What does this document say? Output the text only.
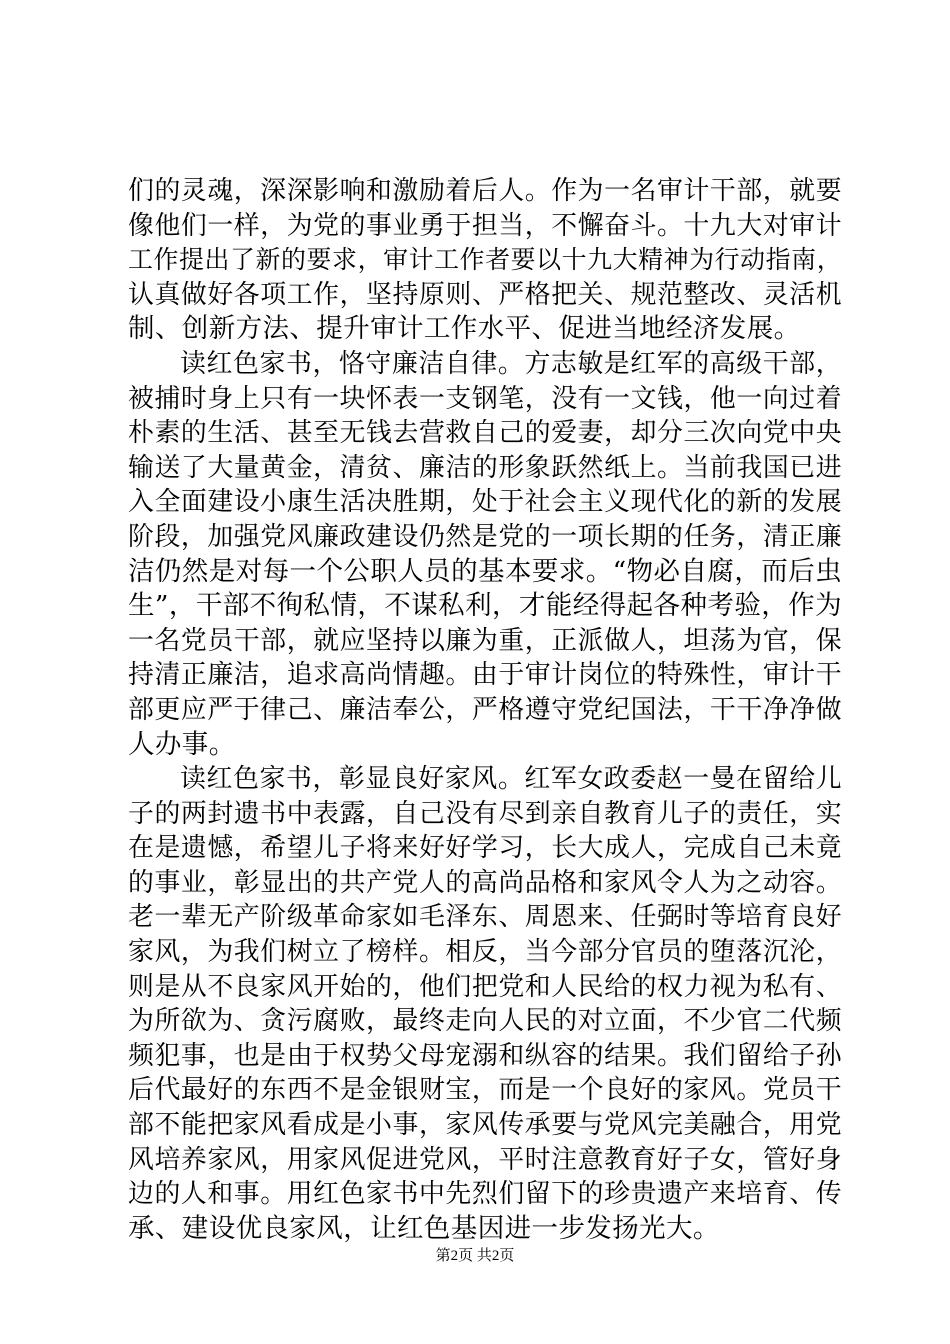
们的灵魂，深深影响和激励着后人。作为一名审计干部，就要
像他们一样，为党的事业勇于担当，不懈奋斗。十九大对审计
工作提出了新的要求，审计工作者要以十九大精神为行动指南，
认真做好各项工作，坚持原则、严格把关、规范整改、灵活机
制、创新方法、提升审计工作水平、促进当地经济发展。
读红色家书，恪守廉洁自律。方志敏是红军的高级干部，
被捕时身上只有一块怀表一支钢笔，没有一文钱，他一向过着
朴素的生活、甚至无钱去营救自己的爱妻，却分三次向党中央
输送了大量黄金，清贫、廉洁的形象跃然纸上。当前我国已进
入全面建设小康生活决胜期，处于社会主义现代化的新的发展
阶段，加强党风廉政建设仍然是党的一项长期的任务，清正廉
洁仍然是对每一个公职人员的基本要求。“物必自腐，而后虫
生”，干部不徇私情，不谋私利，才能经得起各种考验，作为
一名党员干部，就应坚持以廉为重，正派做人，坦荡为官，保
持清正廉洁，追求高尚情趣。由于审计岗位的特殊性，审计干
部更应严于律己、廉洁奉公，严格遵守党纪国法，干干净净做
人办事。
读红色家书，彰显良好家风。红军女政委赵一曼在留给儿
子的两封遗书中表露，自己没有尽到亲自教育儿子的责任，实
在是遗憾，希望儿子将来好好学习，长大成人，完成自己未竟
的事业，彰显出的共产党人的高尚品格和家风令人为之动容。
老一辈无产阶级革命家如毛泽东、周恩来、任弼时等培育良好
家风，为我们树立了榜样。相反，当今部分官员的堕落沉沦，
则是从不良家风开始的，他们把党和人民给的权力视为私有、
为所欲为、贪污腐败，最终走向人民的对立面，不少官二代频
频犯事，也是由于权势父母宠溺和纵容的结果。我们留给子孙
后代最好的东西不是金银财宝，而是一个良好的家风。党员干
部不能把家风看成是小事，家风传承要与党风完美融合，用党
风培养家风，用家风促进党风，平时注意教育好子女，管好身
边的人和事。用红色家书中先烈们留下的珍贵遗产来培育、传
承、建设优良家风，让红色基因进一步发扬光大。
第2页 共2页
